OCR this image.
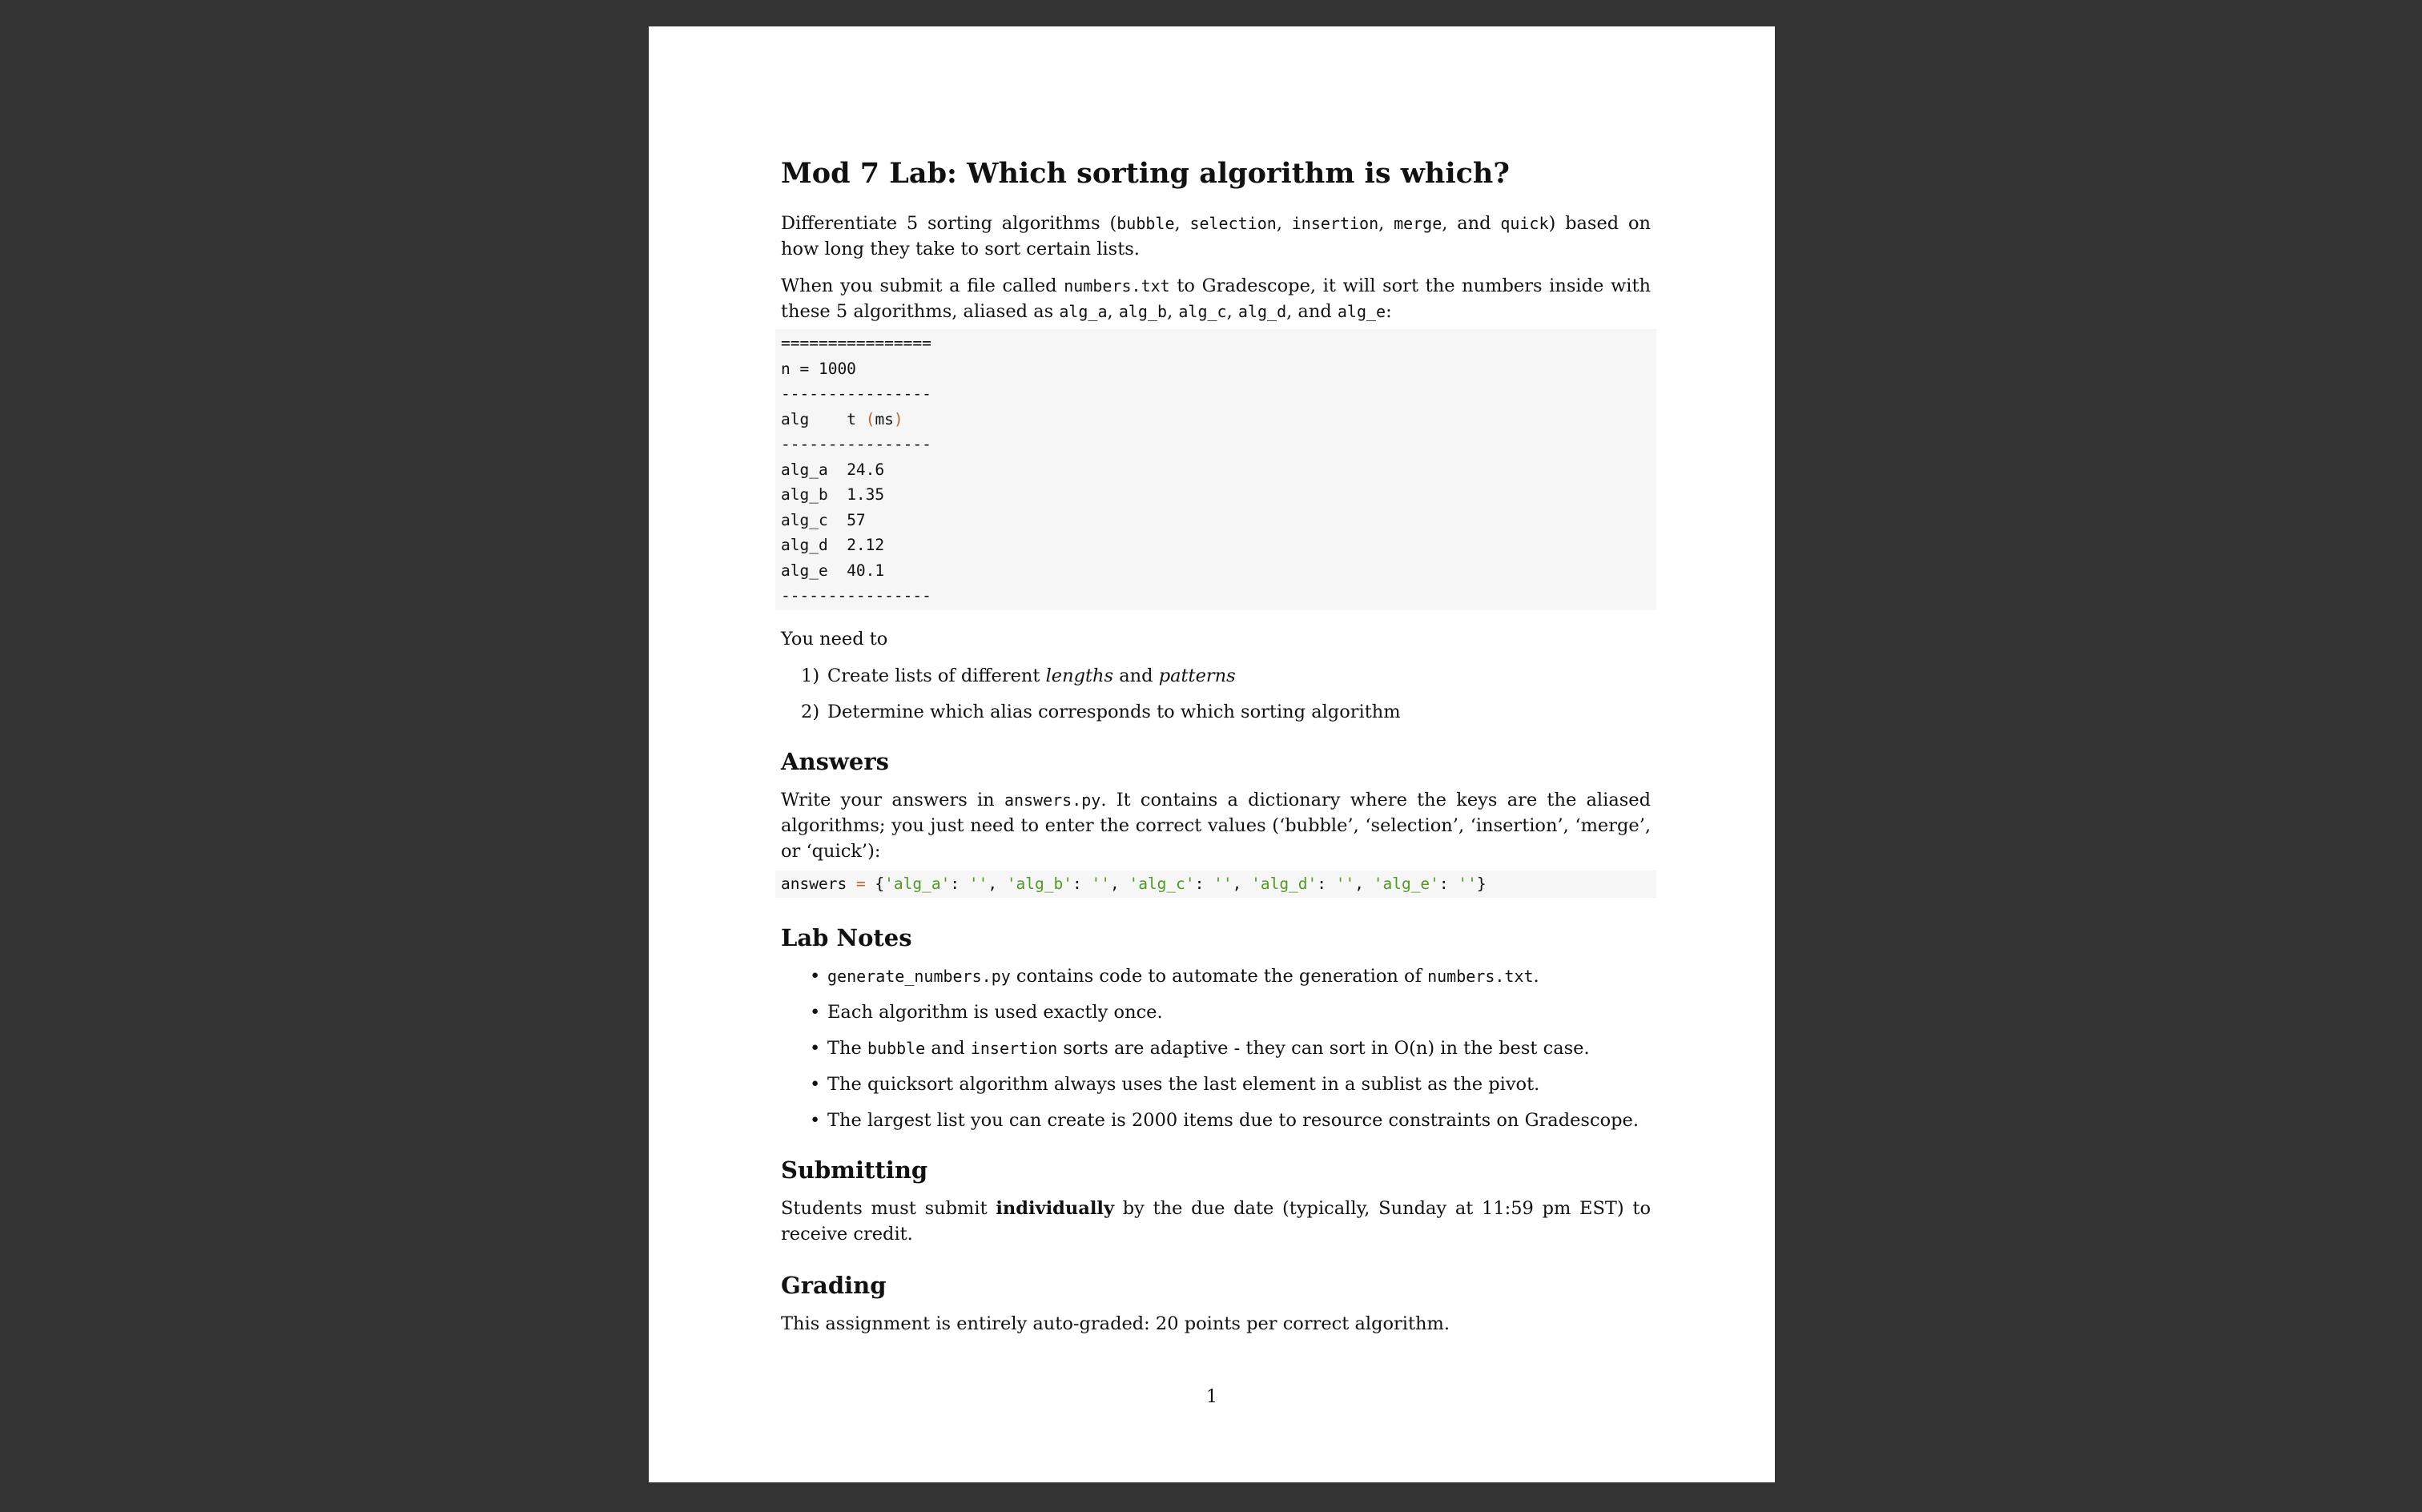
Mod 7 Lab: Which sorting algorithm is which?

Differentiate 5 sorting algorithms (bubble, selection, insertion, merge, and quick) based on how long they take to sort certain lists.

When you submit a file called numbers.txt to Gradescope, it will sort the numbers inside with these 5 algorithms, aliased as alg_a, alg_b, alg_c, alg_d, and alg_e:

================
n = 1000
----------------
alg t (ms)
----------------
alg_a 24.6
alg_b 1.35
alg_c 57
alg_d 2.12
alg_e 40.1
----------------

You need to

1) Create lists of different lengths and patterns
2) Determine which alias corresponds to which sorting algorithm
Answers

Write your answers in answers.py. It contains a dictionary where the keys are the aliased algorithms; you just need to enter the correct values (‘bubble’, ‘selection’, ‘insertion’, ‘merge’, or ‘quick’):

answers = {'alg_a': '', 'alg_b': '', 'alg_c': '', 'alg_d': '', 'alg_e': ''}
Lab Notes
• generate_numbers.py contains code to automate the generation of numbers.txt.
• Each algorithm is used exactly once.
• The bubble and insertion sorts are adaptive - they can sort in O(n) in the best case.
• The quicksort algorithm always uses the last element in a sublist as the pivot.
• The largest list you can create is 2000 items due to resource constraints on Gradescope.
Submitting

Students must submit individually by the due date (typically, Sunday at 11:59 pm EST) to receive credit.

Grading

This assignment is entirely auto-graded: 20 points per correct algorithm.

1
